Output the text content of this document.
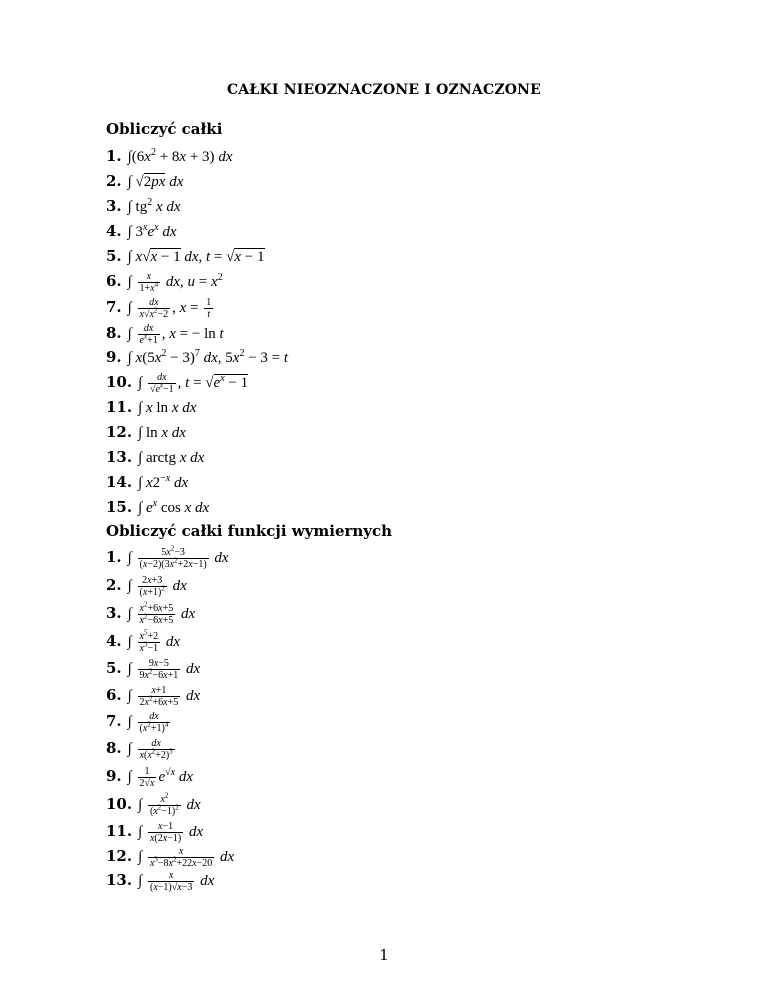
CAŁKI NIEOZNACZONE I OZNACZONE
Obliczyć całki
1. $\int(6x^2 + 8x + 3)$ dx
2. ∫ √2px dx
3. ∫ $tg^2$ x dx
4. ∫ $3^xe^x$ dx
5. ∫ x√x − 1 dx, t = √x − 1
6. ∫ $\frac{x}{1+x^4}$ dx, $u = x^2$
7. ∫ $\frac{dx}{x√x^2-2}$ , $x = \frac{1}{t}$
8. ∫ $\frac{dx}{e^x+1}$ , x = − ln t
9. ∫ $x(5x^2 - 3)^7$ dx, $5x^2 - 3 = t$
10. ∫ $\frac{dx}{√e^x-1}$ , $t = √e^x - 1$
11. ∫ x ln x dx
12. ∫ ln x dx
13. ∫ arctg x dx
14. ∫ $x2^{-x}$ dx
15. ∫ $e^x$ cos x dx
Obliczyć całki funkcji wymiernych
1. ∫ $\frac{5x^2-3}{(x-2)(3x^2+2x-1)}$ dx
2. ∫ $\frac{2x+3}{(x+1)^2}$ dx
3. ∫ $\frac{x^2+6x+5}{x^2-6x+5}$ dx
4. ∫ $\frac{x^5+2}{x^3-1}$ dx
5. ∫ $\frac{9x-5}{9x^2-6x+1}$ dx
6. ∫ $\frac{x+1}{2x^2+6x+5}$ dx
7. ∫ $\frac{dx}{(x^2+1)^4}$
8. ∫ $\frac{dx}{x(x^2+2)^3}$
9. ∫ $\frac{1}{2√x} e^{√x}$ dx
10. ∫ $\frac{x^2}{(x^2-1)^2}$ dx
11. ∫ $\frac{x-1}{x(2x-1)}$ dx
12. ∫ $\frac{x}{x^3-8x^2+22x-20}$ dx
13. ∫ $\frac{x}{(x-1)√x-3}$ dx
1
